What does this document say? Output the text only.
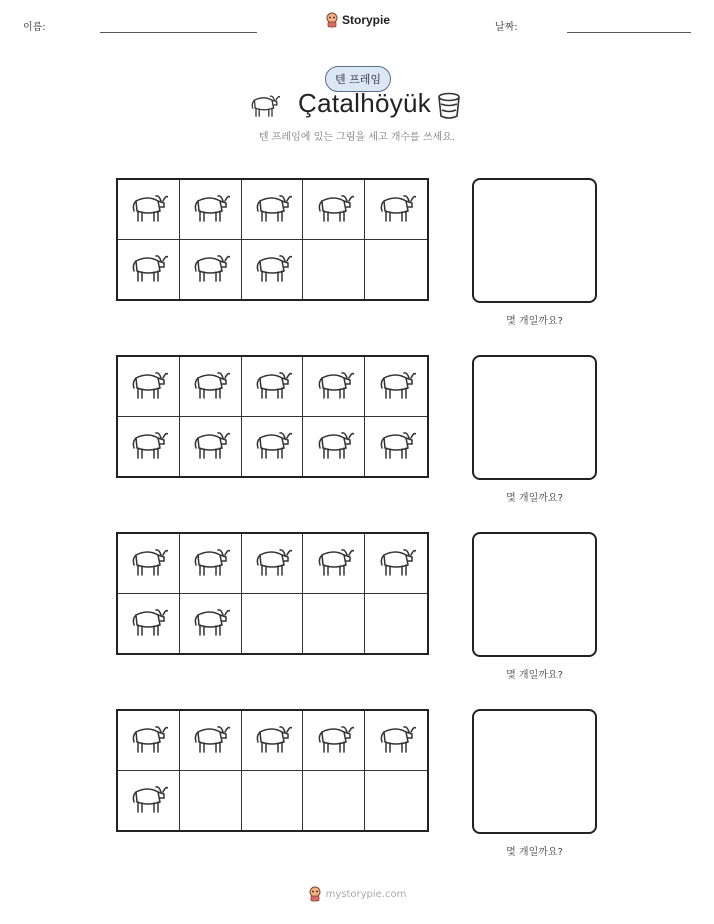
이름:
Storypie
날짜:
텐 프레임
Çatalhöyük
텐 프레임에 있는 그림을 세고 개수를 쓰세요.
몇 개일까요?
몇 개일까요?
몇 개일까요?
몇 개일까요?
mystorypie.com
